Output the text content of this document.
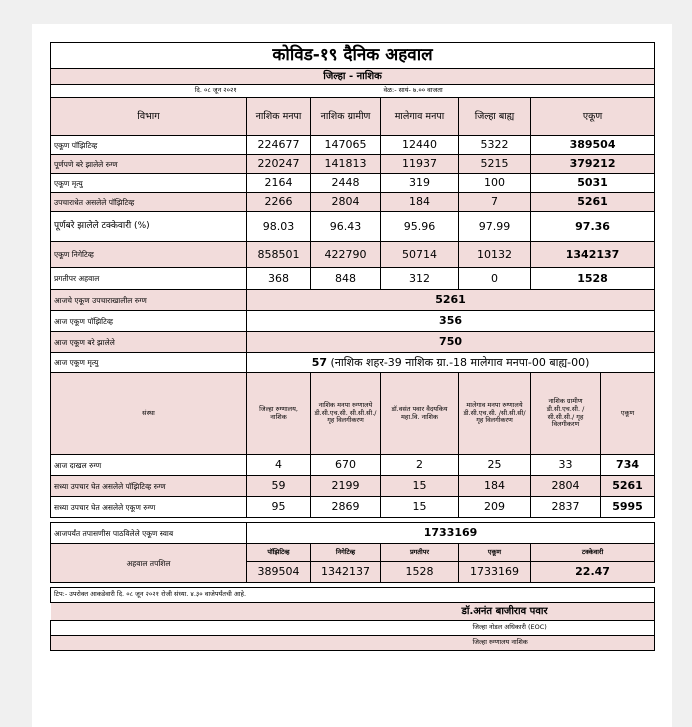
कोविड-१९ दैनिक अहवाल						
जिल्हा - नाशिक						
दि. ०८ जून २०२१			वेळ:- सायं- ७.०० वाजता			
विभाग	नाशिक मनपा	नाशिक ग्रामीण	मालेगाव मनपा	जिल्हा बाह्य	एकूण	
एकूण पॉझिटिव्ह	224677	147065	12440	5322	389504	
पूर्णपणे बरे झालेले रुग्ण	220247	141813	11937	5215	379212	
एकूण मृत्यु	2164	2448	319	100	5031	
उपचाराधेत असलेले पॉझिटिव्ह	2266	2804	184	7	5261	
पूर्णबरे झालेले टक्केवारी (%)	98.03	96.43	95.96	97.99	97.36	
एकूण निगेटिव्ह	858501	422790	50714	10132	1342137	
प्रगतीपर अहवाल	368	848	312	0	1528	
आजचे एकूण उपचाराखालील रुग्ण	5261					
आज एकूण पॉझिटिव्ह	356					
आज एकूण बरे झालेले	750					
आज एकूण मृत्यु	57 (नाशिक शहर-39 नाशिक ग्रा.-18 मालेगाव मनपा-00 बाह्य-00)					
संस्था	जिल्हा रुग्णालय, नाशिक	नाशिक मनपा रुग्णालये डी.सी.एच.सी. सी.सी.सी./ गृह विलगीकरण	डॉ.वसंत पवार वैदयकिय महा.वि. नाशिक	मालेगाव मनपा रुग्णालये डी.सी.एच.सी. /सी.सी.सी/ गृह विलगीकरण	नाशिक ग्रामीण डी.सी.एच.सी. /सी.सी.सी./ गृह विलगीकरण	एकूण
आज दाखल रुग्ण	4	670	2	25	33	734
सध्या उपचार घेत असलेले पॉझिटिव्ह रुग्ण	59	2199	15	184	2804	5261
सध्या उपचार घेत असलेले एकूण रुग्ण	95	2869	15	209	2837	5995

आजपर्यंत तपासणीस पाठविलेले एकूण स्वाब	1733169					
अहवाल तपशिल	पॉझिटिव्ह	निगेटिव्ह	प्रगतीपर	एकूण	टक्केवारी	
	389504	1342137	1528	1733169	22.47	

टिप:- उपरोक्त आकडेवारी दि. ०८ जून २०२१ रोजी संध्या. ४.३० वाजेपर्यंतची आहे.						
				डॉ.अनंत बाजीराव पवार		
				जिल्हा नोडल अधिकारी (EOC)		
				जिल्हा रुग्णालय नाशिक		
